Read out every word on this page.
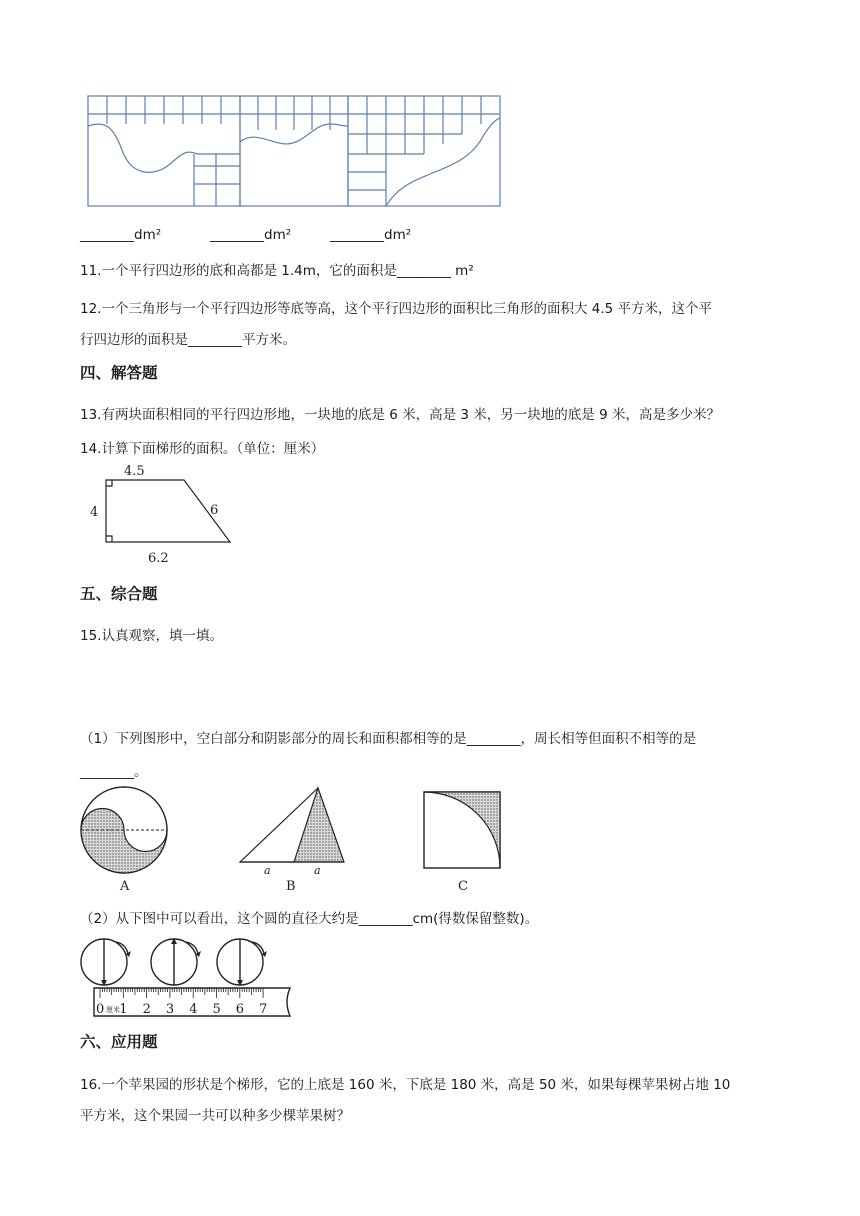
________dm²	________dm²	________dm²
11.一个平行四边形的底和高都是 1.4m，它的面积是________ m²
12.一个三角形与一个平行四边形等底等高，这个平行四边形的面积比三角形的面积大 4.5 平方米，这个平
行四边形的面积是________平方米。
四、解答题
13.有两块面积相同的平行四边形地，一块地的底是 6 米，高是 3 米，另一块地的底是 9 米，高是多少米？
14.计算下面梯形的面积。（单位：厘米）
4.5
4	6
6.2
五、综合题
15.认真观察，填一填。
（1）下列图形中，空白部分和阴影部分的周长和面积都相等的是________，周长相等但面积不相等的是
________。
A
a	a
B	C
（2）从下图中可以看出，这个圆的直径大约是________cm(得数保留整数)。
0 1 2 3 4 5 6 7
厘米
六、应用题
16.一个苹果园的形状是个梯形，它的上底是 160 米，下底是 180 米，高是 50 米，如果每棵苹果树占地 10
平方米，这个果园一共可以种多少棵苹果树？
